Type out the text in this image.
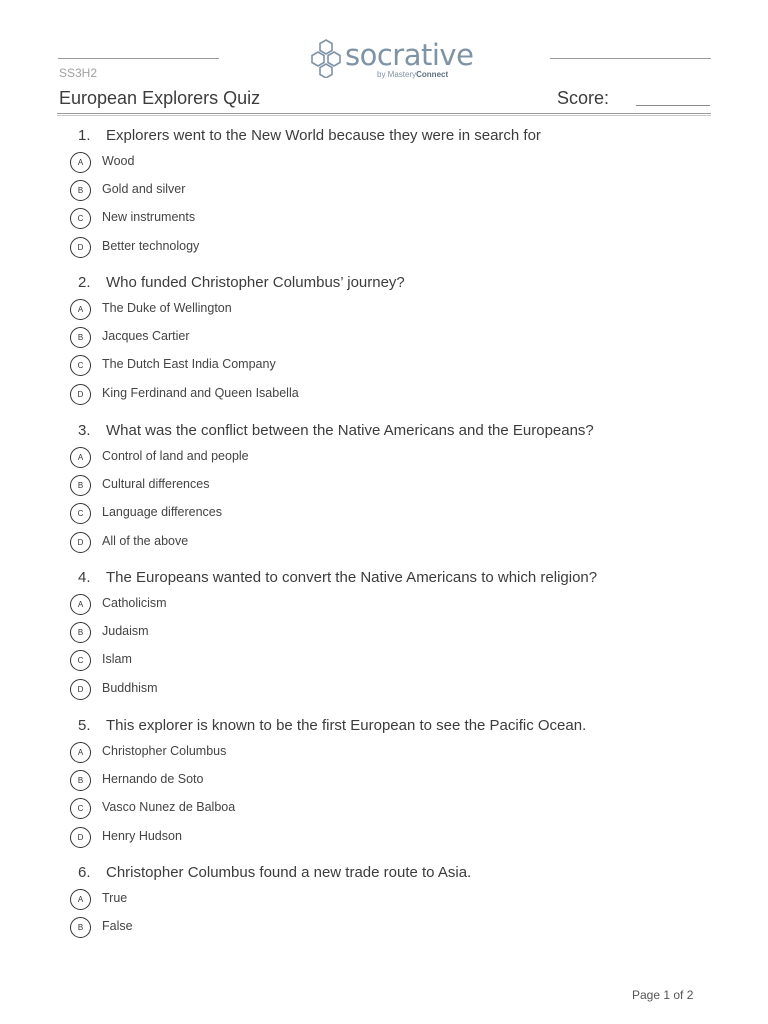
socrative
by MasteryConnect
SS3H2
European Explorers Quiz	Score:
1. Explorers went to the New World because they were in search for
A	Wood
B	Gold and silver
C	New instruments
D	Better technology
2. Who funded Christopher Columbus’ journey?
A	The Duke of Wellington
B	Jacques Cartier
C	The Dutch East India Company
D	King Ferdinand and Queen Isabella
3. What was the conflict between the Native Americans and the Europeans?
A	Control of land and people
B	Cultural differences
C	Language differences
D	All of the above
4. The Europeans wanted to convert the Native Americans to which religion?
A	Catholicism
B	Judaism
C	Islam
D	Buddhism
5. This explorer is known to be the first European to see the Pacific Ocean.
A	Christopher Columbus
B	Hernando de Soto
C	Vasco Nunez de Balboa
D	Henry Hudson
6. Christopher Columbus found a new trade route to Asia.
A	True
B	False
Page 1 of 2
